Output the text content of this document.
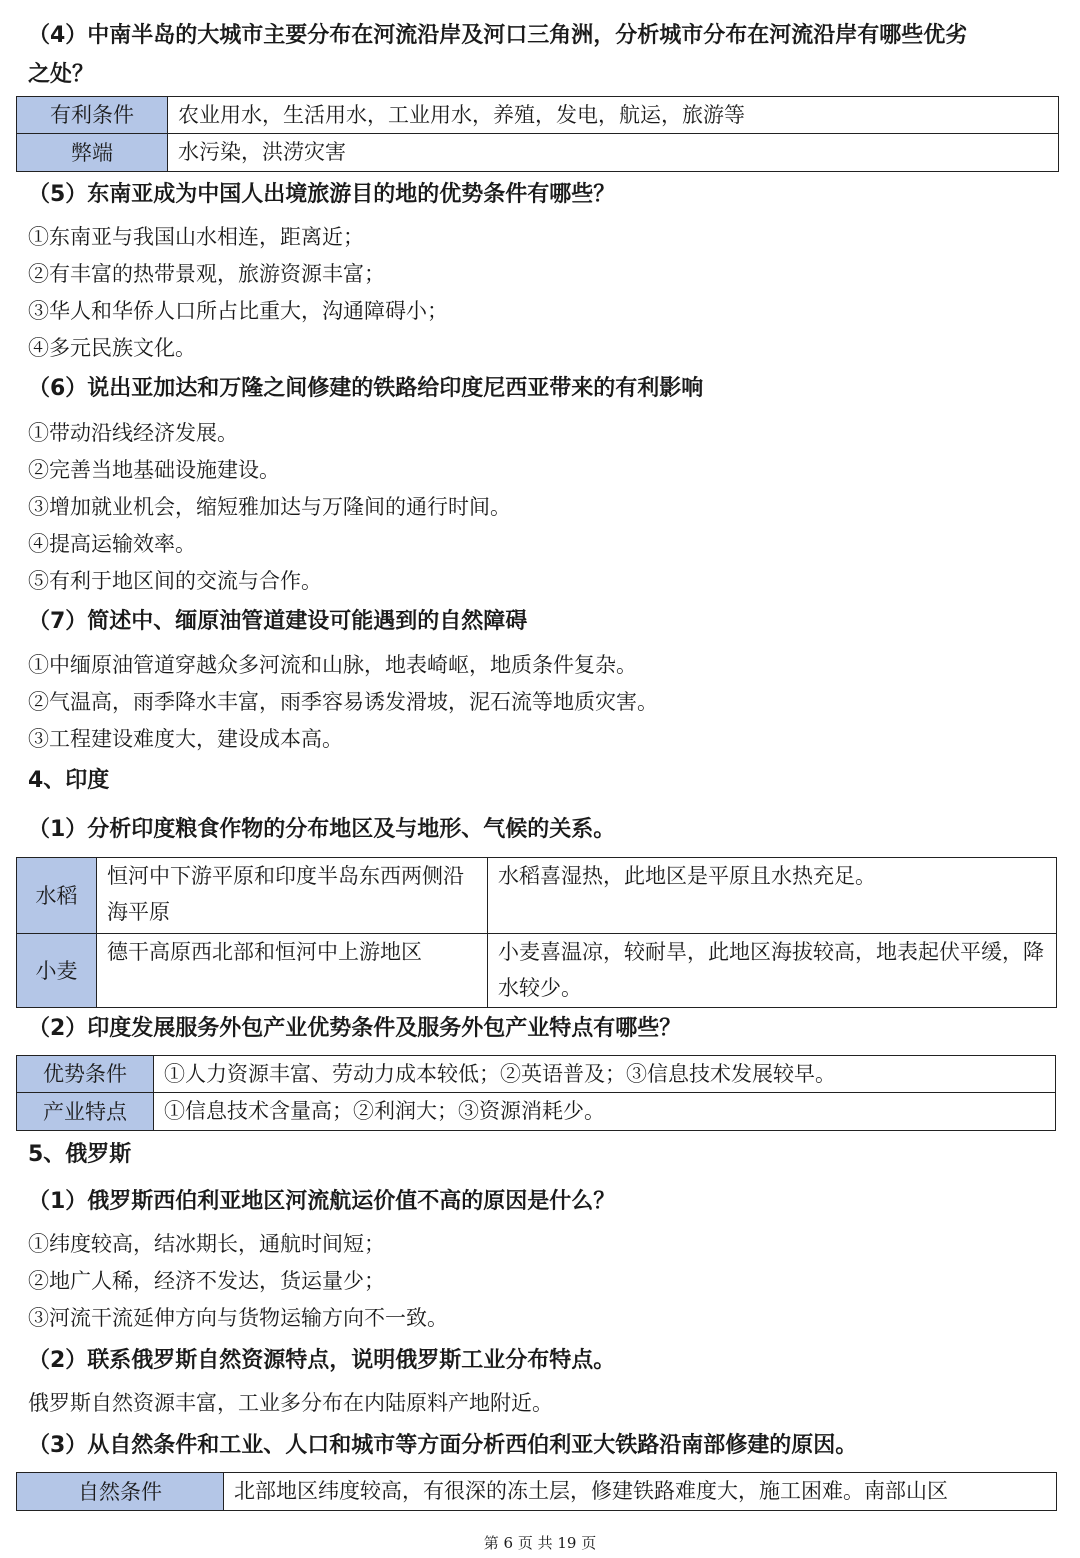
（4）中南半岛的大城市主要分布在河流沿岸及河口三角洲，分析城市分布在河流沿岸有哪些优劣
之处？
有利条件	农业用水，生活用水，工业用水，养殖，发电，航运，旅游等
弊端	水污染，洪涝灾害
（5）东南亚成为中国人出境旅游目的地的优势条件有哪些？
①东南亚与我国山水相连，距离近；
②有丰富的热带景观，旅游资源丰富；
③华人和华侨人口所占比重大，沟通障碍小；
④多元民族文化。
（6）说出亚加达和万隆之间修建的铁路给印度尼西亚带来的有利影响
①带动沿线经济发展。
②完善当地基础设施建设。
③增加就业机会，缩短雅加达与万隆间的通行时间。
④提高运输效率。
⑤有利于地区间的交流与合作。
（7）简述中、缅原油管道建设可能遇到的自然障碍
①中缅原油管道穿越众多河流和山脉，地表崎岖，地质条件复杂。
②气温高，雨季降水丰富，雨季容易诱发滑坡，泥石流等地质灾害。
③工程建设难度大，建设成本高。
4、印度
（1）分析印度粮食作物的分布地区及与地形、气候的关系。
水稻	恒河中下游平原和印度半岛东西两侧沿海平原	水稻喜湿热，此地区是平原且水热充足。
小麦	德干高原西北部和恒河中上游地区	小麦喜温凉，较耐旱，此地区海拔较高，地表起伏平缓，降水较少。
（2）印度发展服务外包产业优势条件及服务外包产业特点有哪些？
优势条件	①人力资源丰富、劳动力成本较低；②英语普及；③信息技术发展较早。
产业特点	①信息技术含量高；②利润大；③资源消耗少。
5、俄罗斯
（1）俄罗斯西伯利亚地区河流航运价值不高的原因是什么？
①纬度较高，结冰期长，通航时间短；
②地广人稀，经济不发达，货运量少；
③河流干流延伸方向与货物运输方向不一致。
（2）联系俄罗斯自然资源特点，说明俄罗斯工业分布特点。
俄罗斯自然资源丰富，工业多分布在内陆原料产地附近。
（3）从自然条件和工业、人口和城市等方面分析西伯利亚大铁路沿南部修建的原因。
自然条件	北部地区纬度较高，有很深的冻土层，修建铁路难度大，施工困难。南部山区
第 6 页 共 19 页
